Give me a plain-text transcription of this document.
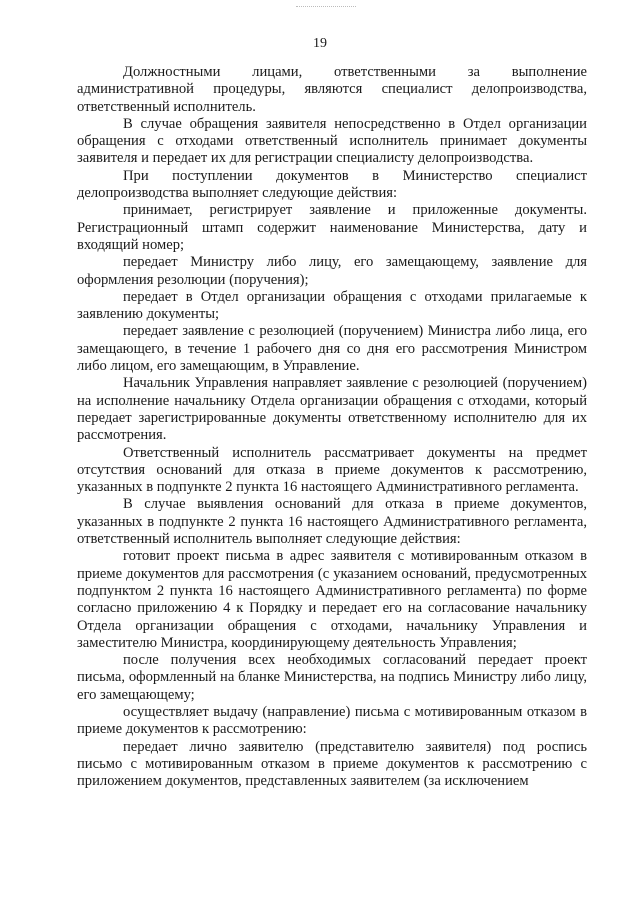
19

Должностными лицами, ответственными за выполнение административной процедуры, являются специалист делопроизводства, ответственный исполнитель.

В случае обращения заявителя непосредственно в Отдел организации обращения с отходами ответственный исполнитель принимает документы заявителя и передает их для регистрации специалисту делопроизводства.

При поступлении документов в Министерство специалист делопроизводства выполняет следующие действия:

принимает, регистрирует заявление и приложенные документы. Регистрационный штамп содержит наименование Министерства, дату и входящий номер;

передает Министру либо лицу, его замещающему, заявление для оформления резолюции (поручения);

передает в Отдел организации обращения с отходами прилагаемые к заявлению документы;

передает заявление с резолюцией (поручением) Министра либо лица, его замещающего, в течение 1 рабочего дня со дня его рассмотрения Министром либо лицом, его замещающим, в Управление.

Начальник Управления направляет заявление с резолюцией (поручением) на исполнение начальнику Отдела организации обращения с отходами, который передает зарегистрированные документы ответственному исполнителю для их рассмотрения.

Ответственный исполнитель рассматривает документы на предмет отсутствия оснований для отказа в приеме документов к рассмотрению, указанных в подпункте 2 пункта 16 настоящего Административного регламента.

В случае выявления оснований для отказа в приеме документов, указанных в подпункте 2 пункта 16 настоящего Административного регламента, ответственный исполнитель выполняет следующие действия:

готовит проект письма в адрес заявителя с мотивированным отказом в приеме документов для рассмотрения (с указанием оснований, предусмотренных подпунктом 2 пункта 16 настоящего Административного регламента) по форме согласно приложению 4 к Порядку и передает его на согласование начальнику Отдела организации обращения с отходами, начальнику Управления и заместителю Министра, координирующему деятельность Управления;

после получения всех необходимых согласований передает проект письма, оформленный на бланке Министерства, на подпись Министру либо лицу, его замещающему;

осуществляет выдачу (направление) письма с мотивированным отказом в приеме документов к рассмотрению:

передает лично заявителю (представителю заявителя) под роспись письмо с мотивированным отказом в приеме документов к рассмотрению с приложением документов, представленных заявителем (за исключением
